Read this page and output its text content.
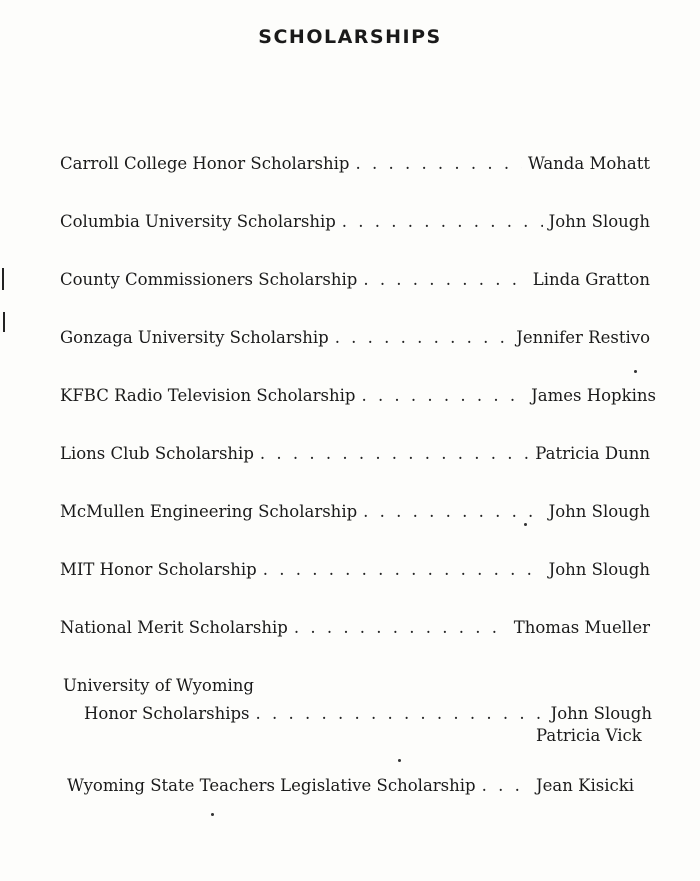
SCHOLARSHIPS
Carroll College Honor Scholarship . . .	Wanda Mohatt
Columbia University Scholarship . . .	John Slough
County Commissioners Scholarship . . .	Linda Gratton
Gonzaga University Scholarship . . .	Jennifer Restivo
KFBC Radio Television Scholarship . . .	James Hopkins
Lions Club Scholarship . . .	Patricia Dunn
McMullen Engineering Scholarship . . .	John Slough
MIT Honor Scholarship . . .	John Slough
National Merit Scholarship . . .	Thomas Mueller
University of Wyoming
Honor Scholarships . . .	John Slough
Patricia Vick
Wyoming State Teachers Legislative Scholarship . . .	Jean Kisicki
